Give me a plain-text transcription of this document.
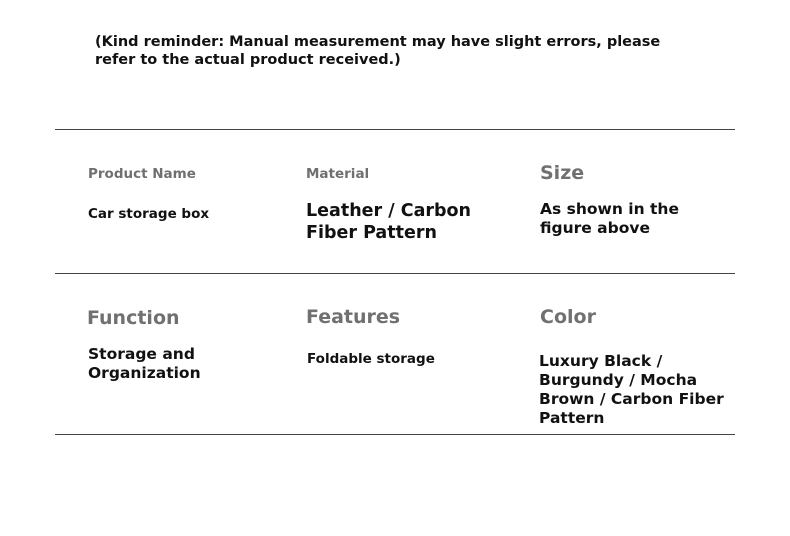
(Kind reminder: Manual measurement may have slight errors, please refer to the actual product received.)
Product Name
Car storage box
Material
Leather / Carbon Fiber Pattern
Size
As shown in the figure above
Function
Storage and Organization
Features
Foldable storage
Color
Luxury Black / Burgundy / Mocha Brown / Carbon Fiber Pattern
